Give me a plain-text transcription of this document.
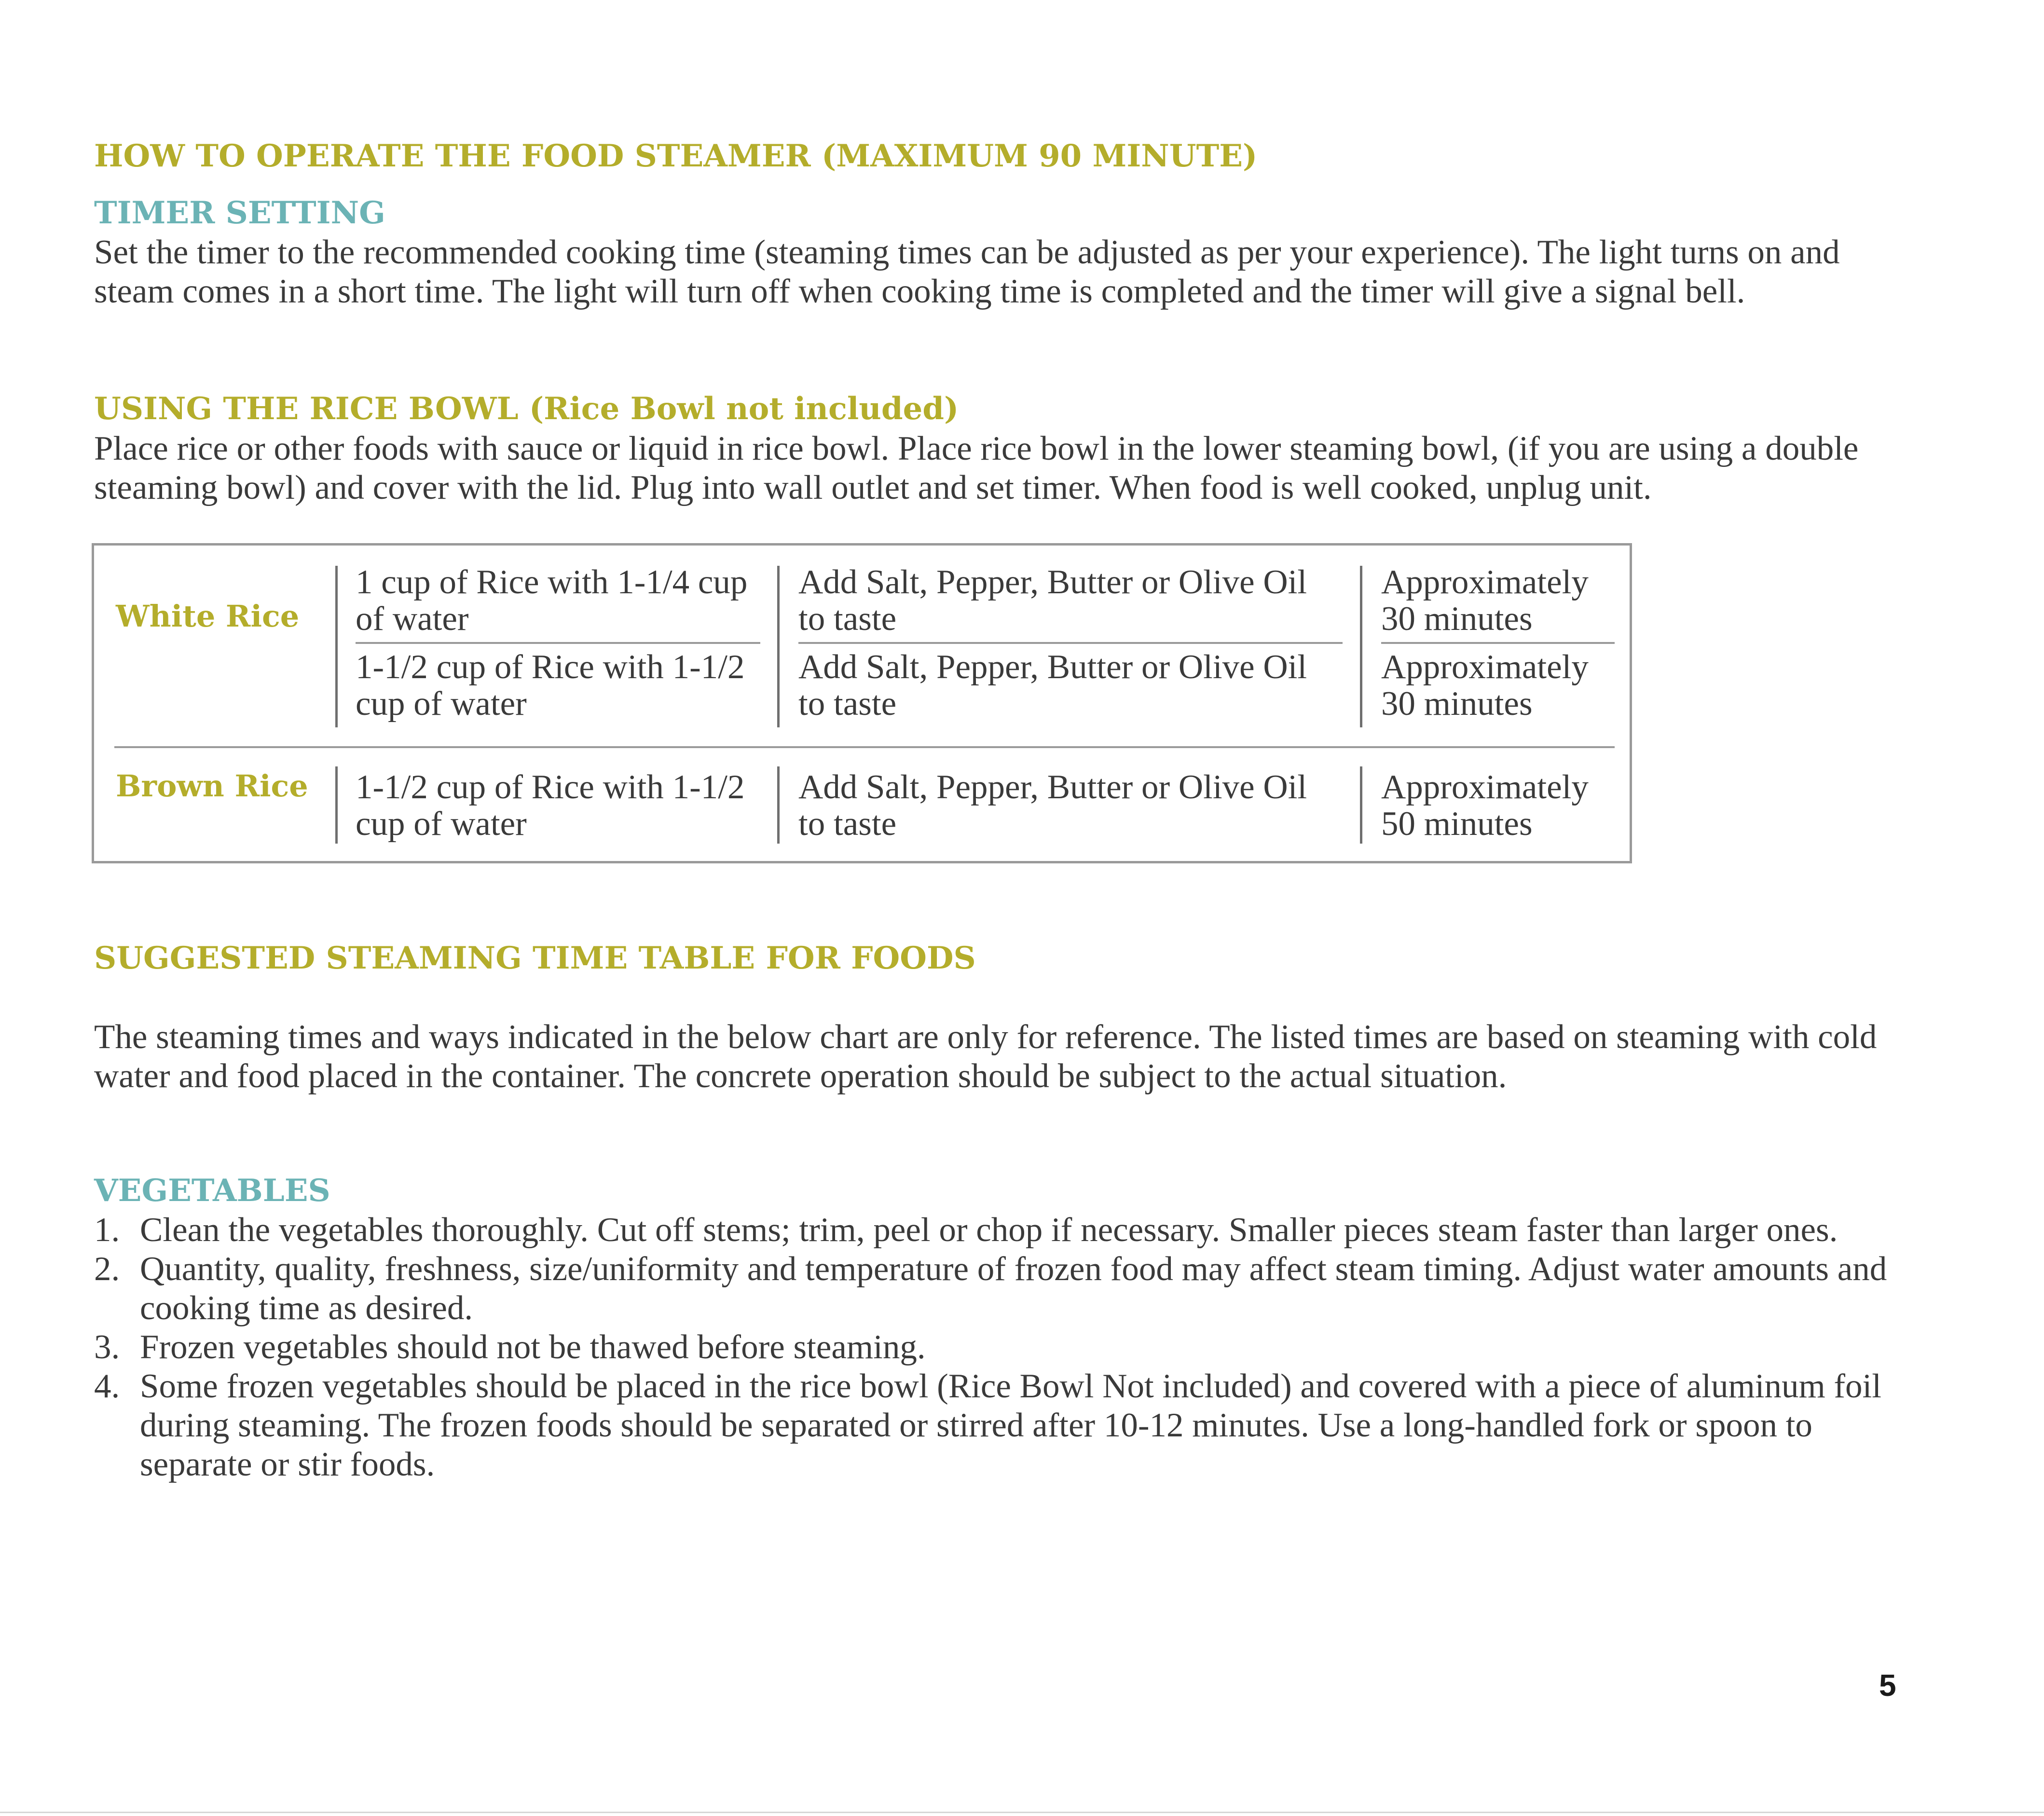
HOW TO OPERATE THE FOOD STEAMER (MAXIMUM 90 MINUTE)
TIMER SETTING

Set the timer to the recommended cooking time (steaming times can be adjusted as per your experience). The light turns on and steam comes in a short time. The light will turn off when cooking time is completed and the timer will give a signal bell.

USING THE RICE BOWL (Rice Bowl not included)

Place rice or other foods with sauce or liquid in rice bowl. Place rice bowl in the lower steaming bowl, (if you are using a double steaming bowl) and cover with the lid. Plug into wall outlet and set timer. When food is well cooked, unplug unit.

White Rice

1 cup of Rice with 1-1/4 cup
of water

Add Salt, Pepper, Butter or Olive Oil
to taste

Approximately
30 minutes

1-1/2 cup of Rice with 1-1/2
cup of water

Add Salt, Pepper, Butter or Olive Oil
to taste

Approximately
30 minutes

Brown Rice 1-1/2 cup of Rice with 1-1/2
cup of water

Add Salt, Pepper, Butter or Olive Oil
to taste

Approximately
50 minutes

SUGGESTED STEAMING TIME TABLE FOR FOODS

The steaming times and ways indicated in the below chart are only for reference. The listed times are based on steaming with cold water and food placed in the container. The concrete operation should be subject to the actual situation.

VEGETABLES
1. Clean the vegetables thoroughly. Cut off stems; trim, peel or chop if necessary. Smaller pieces steam faster than larger ones.
2. Quantity, quality, freshness, size/uniformity and temperature of frozen food may affect steam timing. Adjust water amounts and cooking time as desired.
3. Frozen vegetables should not be thawed before steaming.
4. Some frozen vegetables should be placed in the rice bowl (Rice Bowl Not included) and covered with a piece of aluminum foil during steaming. The frozen foods should be separated or stirred after 10-12 minutes. Use a long-handled fork or spoon to separate or stir foods.

5
